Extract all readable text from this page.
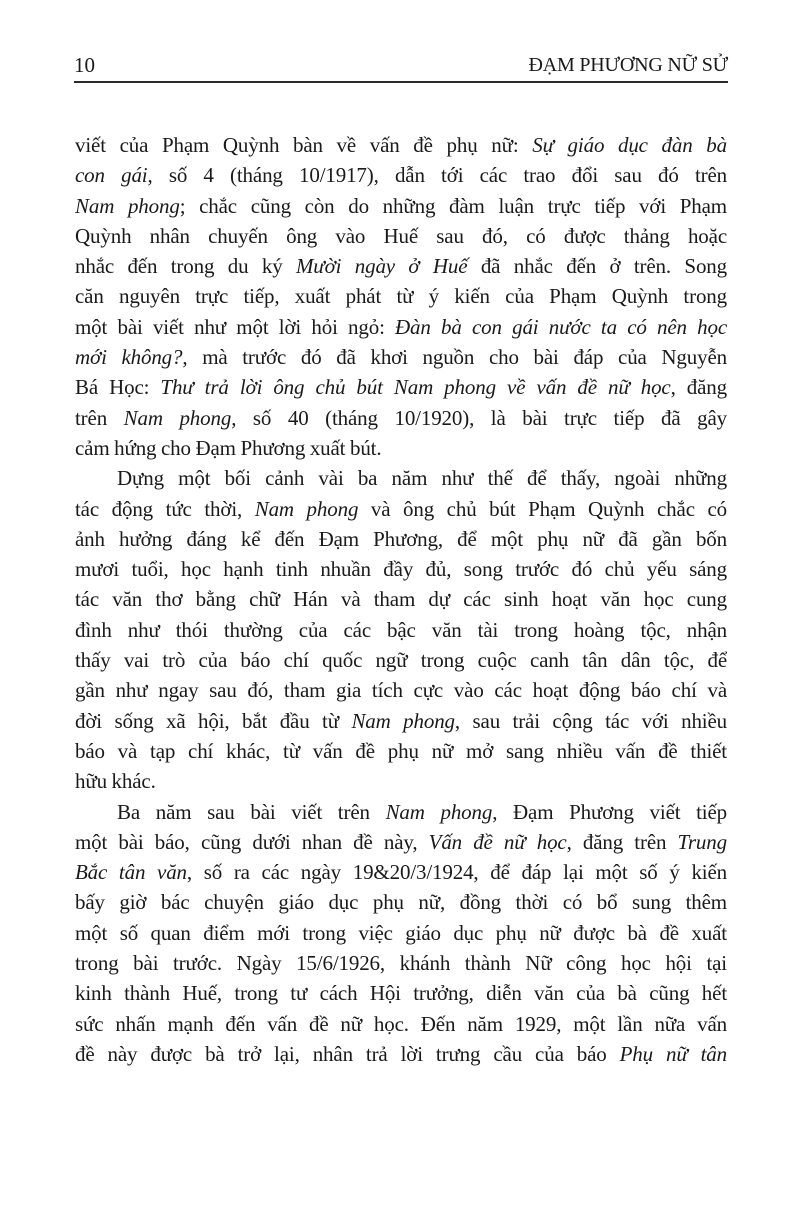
10	ĐẠM PHƯƠNG NỮ SỬ
viết của Phạm Quỳnh bàn về vấn đề phụ nữ: Sự giáo dục đàn bà
con gái, số 4 (tháng 10/1917), dẫn tới các trao đổi sau đó trên
Nam phong; chắc cũng còn do những đàm luận trực tiếp với Phạm
Quỳnh nhân chuyến ông vào Huế sau đó, có được thảng hoặc
nhắc đến trong du ký Mười ngày ở Huế đã nhắc đến ở trên. Song
căn nguyên trực tiếp, xuất phát từ ý kiến của Phạm Quỳnh trong
một bài viết như một lời hỏi ngỏ: Đàn bà con gái nước ta có nên học
mới không?, mà trước đó đã khơi nguồn cho bài đáp của Nguyễn
Bá Học: Thư trả lời ông chủ bút Nam phong về vấn đề nữ học, đăng
trên Nam phong, số 40 (tháng 10/1920), là bài trực tiếp đã gây
cảm hứng cho Đạm Phương xuất bút.
Dựng một bối cảnh vài ba năm như thế để thấy, ngoài những
tác động tức thời, Nam phong và ông chủ bút Phạm Quỳnh chắc có
ảnh hưởng đáng kể đến Đạm Phương, để một phụ nữ đã gần bốn
mươi tuổi, học hạnh tinh nhuần đầy đủ, song trước đó chủ yếu sáng
tác văn thơ bằng chữ Hán và tham dự các sinh hoạt văn học cung
đình như thói thường của các bậc văn tài trong hoàng tộc, nhận
thấy vai trò của báo chí quốc ngữ trong cuộc canh tân dân tộc, để
gần như ngay sau đó, tham gia tích cực vào các hoạt động báo chí và
đời sống xã hội, bắt đầu từ Nam phong, sau trải cộng tác với nhiều
báo và tạp chí khác, từ vấn đề phụ nữ mở sang nhiều vấn đề thiết
hữu khác.
Ba năm sau bài viết trên Nam phong, Đạm Phương viết tiếp
một bài báo, cũng dưới nhan đề này, Vấn đề nữ học, đăng trên Trung
Bắc tân văn, số ra các ngày 19&20/3/1924, để đáp lại một số ý kiến
bấy giờ bác chuyện giáo dục phụ nữ, đồng thời có bổ sung thêm
một số quan điểm mới trong việc giáo dục phụ nữ được bà đề xuất
trong bài trước. Ngày 15/6/1926, khánh thành Nữ công học hội tại
kinh thành Huế, trong tư cách Hội trưởng, diễn văn của bà cũng hết
sức nhấn mạnh đến vấn đề nữ học. Đến năm 1929, một lần nữa vấn
đề này được bà trở lại, nhân trả lời trưng cầu của báo Phụ nữ tân
